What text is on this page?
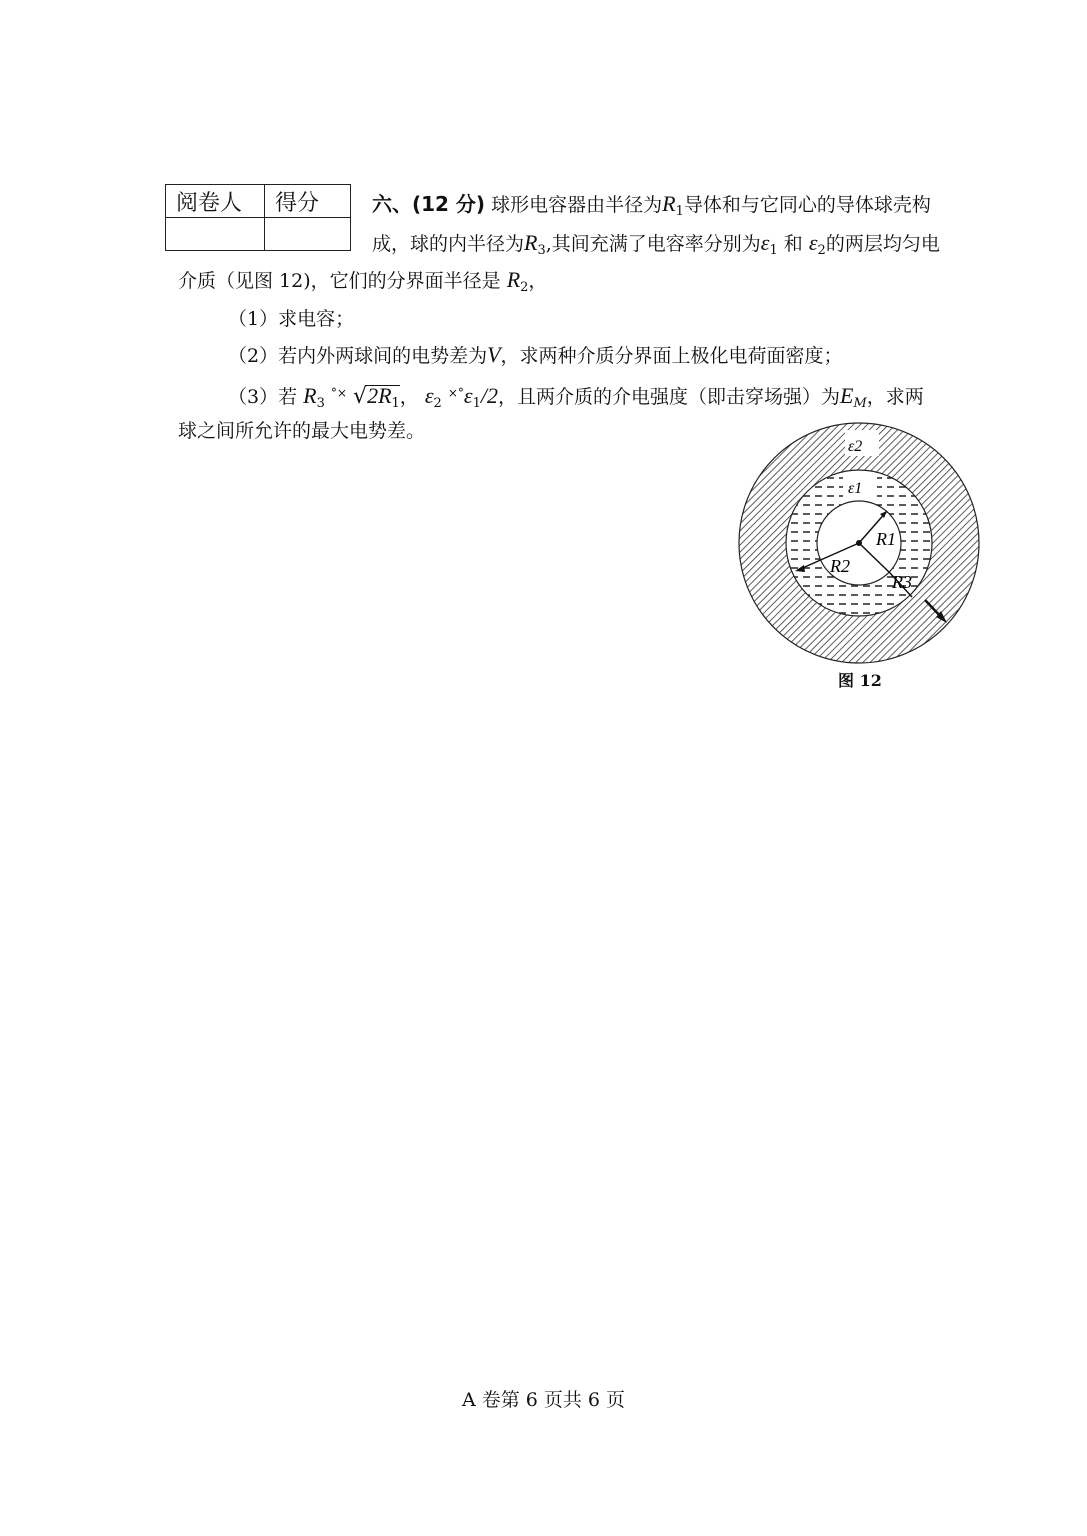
阅卷人	得分
		六、(12 分) 球形电容器由半径为$R_1$导体和与它同心的导体球壳构
成，球的内半径为$R_3$,其间充满了电容率分别为$\varepsilon_1$ 和 $\varepsilon_2$的两层均匀电
介质（见图 12)，它们的分界面半径是 $R_2$，
（1）求电容；
（2）若内外两球间的电势差为V，求两种介质分界面上极化电荷面密度；
（3）若 $R_3$ °× $√2R_1$， $\varepsilon_2$ $^{\times^\circ}\varepsilon_1/2$，且两介质的介电强度（即击穿场强）为$E_M$，求两
球之间所允许的最大电势差。
ε2
ε1
R1
R2
R3
图 12
A 卷第 6 页共 6 页
